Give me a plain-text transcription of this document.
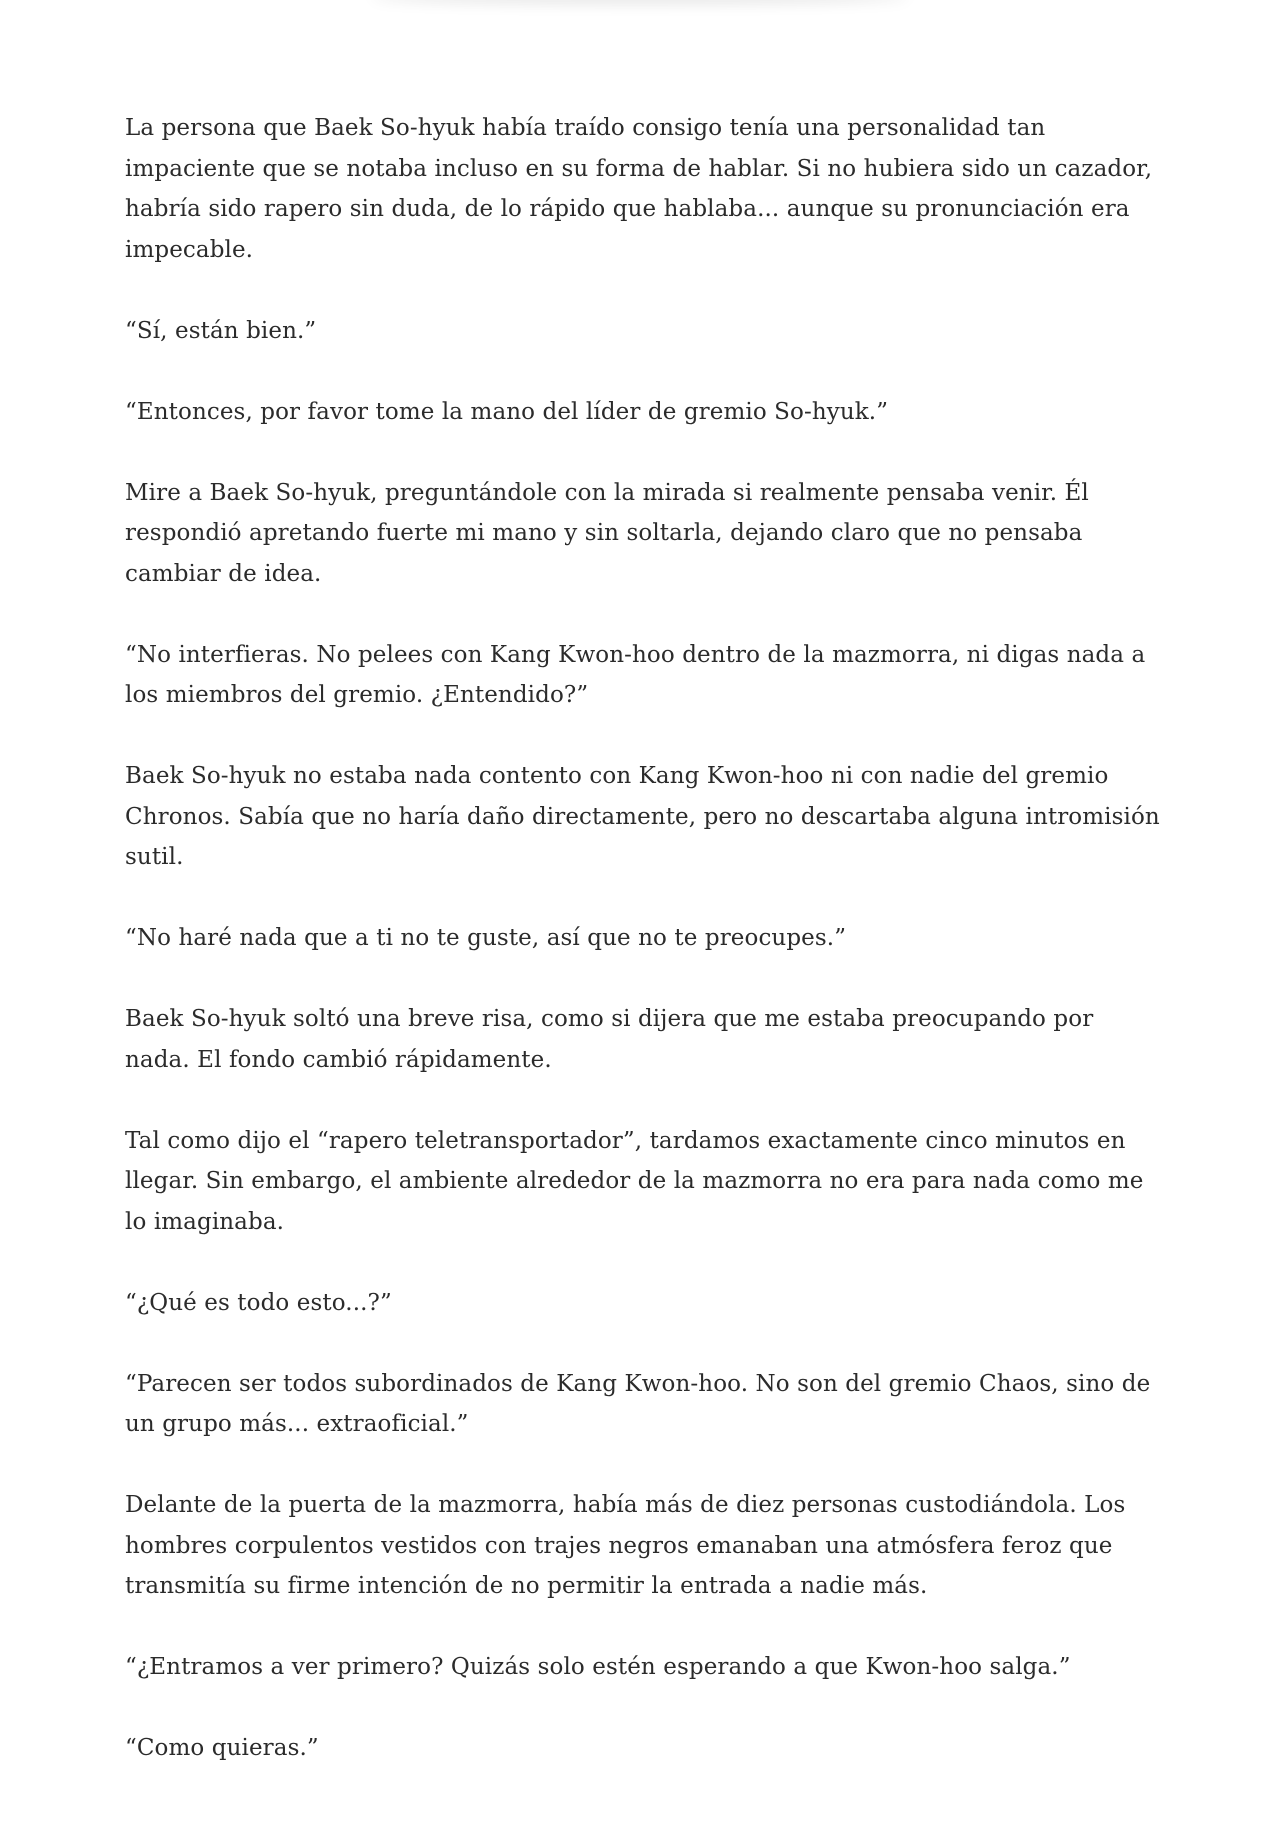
La persona que Baek So-hyuk había traído consigo tenía una personalidad tan impaciente que se notaba incluso en su forma de hablar. Si no hubiera sido un cazador, habría sido rapero sin duda, de lo rápido que hablaba... aunque su pronunciación era impecable.

“Sí, están bien.”

“Entonces, por favor tome la mano del líder de gremio So-hyuk.”

Mire a Baek So-hyuk, preguntándole con la mirada si realmente pensaba venir. Él respondió apretando fuerte mi mano y sin soltarla, dejando claro que no pensaba cambiar de idea.

“No interfieras. No pelees con Kang Kwon-hoo dentro de la mazmorra, ni digas nada a los miembros del gremio. ¿Entendido?”

Baek So-hyuk no estaba nada contento con Kang Kwon-hoo ni con nadie del gremio Chronos. Sabía que no haría daño directamente, pero no descartaba alguna intromisión sutil.

“No haré nada que a ti no te guste, así que no te preocupes.”

Baek So-hyuk soltó una breve risa, como si dijera que me estaba preocupando por nada. El fondo cambió rápidamente.

Tal como dijo el “rapero teletransportador”, tardamos exactamente cinco minutos en llegar. Sin embargo, el ambiente alrededor de la mazmorra no era para nada como me lo imaginaba.

“¿Qué es todo esto...?”

“Parecen ser todos subordinados de Kang Kwon-hoo. No son del gremio Chaos, sino de un grupo más... extraoficial.”

Delante de la puerta de la mazmorra, había más de diez personas custodiándola. Los hombres corpulentos vestidos con trajes negros emanaban una atmósfera feroz que transmitía su firme intención de no permitir la entrada a nadie más.

“¿Entramos a ver primero? Quizás solo estén esperando a que Kwon-hoo salga.”

“Como quieras.”
